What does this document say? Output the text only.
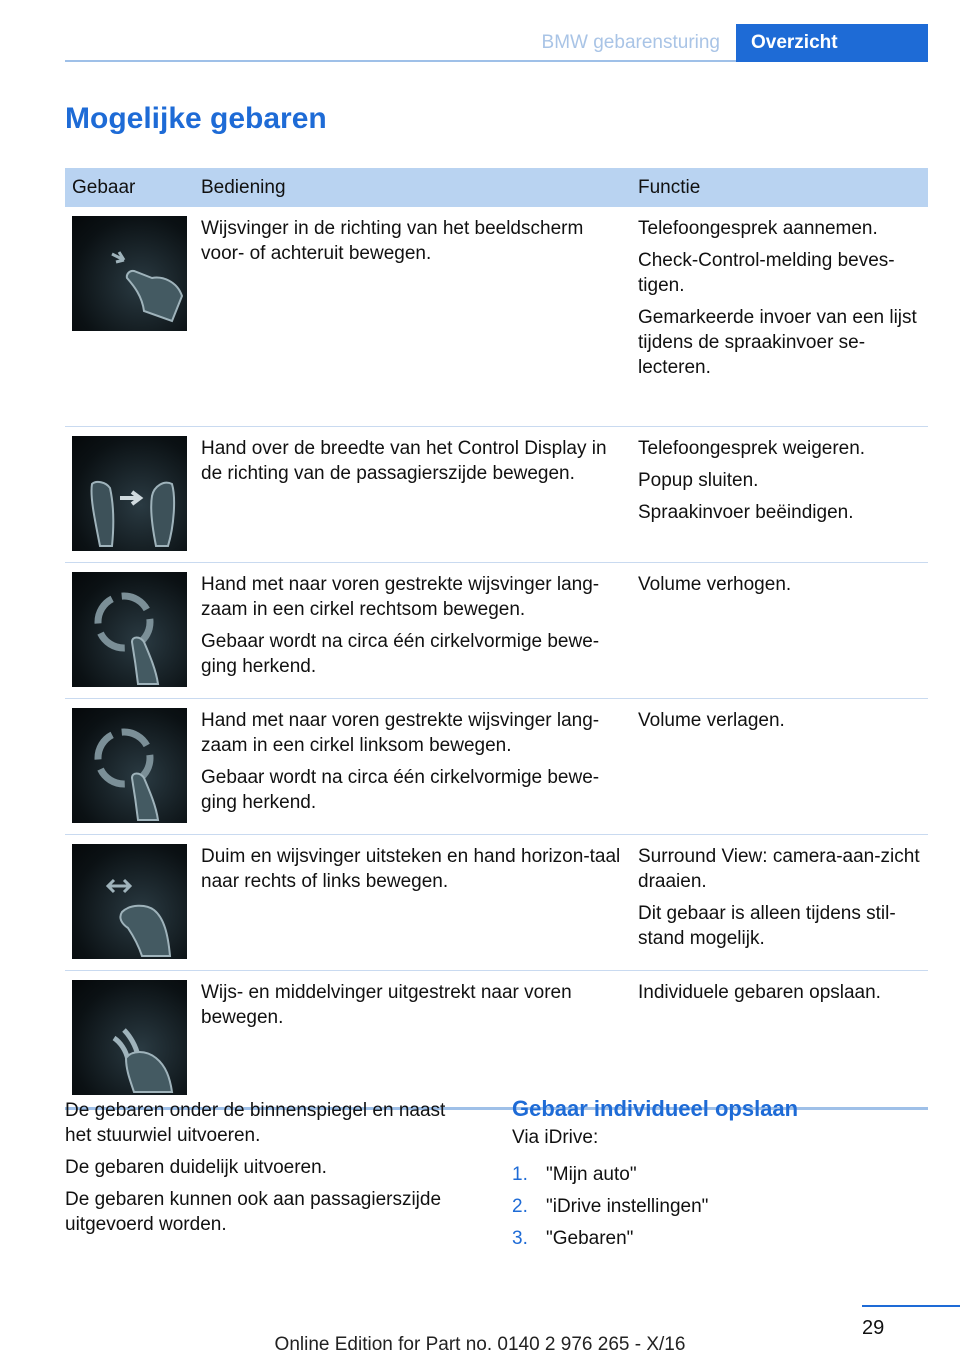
BMW gebarensturing	Overzicht
Mogelijke gebaren
Gebaar	Bediening	Functie

Wijsvinger in de richting van het beeldscherm voor- of achteruit bewegen.	Telefoongesprek aannemen.

Check-Control-melding beves-tigen.

Gemarkeerde invoer van een lijst tijdens de spraakinvoer se-lecteren.

Hand over de breedte van het Control Display in de richting van de passagierszijde bewegen.	Telefoongesprek weigeren.

Popup sluiten.

Spraakinvoer beëindigen.

Hand met naar voren gestrekte wijsvinger lang-zaam in een cirkel rechtsom bewegen.

Gebaar wordt na circa één cirkelvormige bewe-ging herkend.	Volume verhogen.

Hand met naar voren gestrekte wijsvinger lang-zaam in een cirkel linksom bewegen.

Gebaar wordt na circa één cirkelvormige bewe-ging herkend.	Volume verlagen.

Duim en wijsvinger uitsteken en hand horizon-taal naar rechts of links bewegen.	Surround View: camera-aan-zicht draaien.

Dit gebaar is alleen tijdens stil-stand mogelijk.

Wijs- en middelvinger uitgestrekt naar voren bewegen.	Individuele gebaren opslaan.

De gebaren onder de binnenspiegel en naast het stuurwiel uitvoeren.

De gebaren duidelijk uitvoeren.

De gebaren kunnen ook aan passagierszijde uitgevoerd worden.

Gebaar individueel opslaan

Via iDrive:

1. "Mijn auto"
2. "iDrive instellingen"
3. "Gebaren"
29
Online Edition for Part no. 0140 2 976 265 - X/16
